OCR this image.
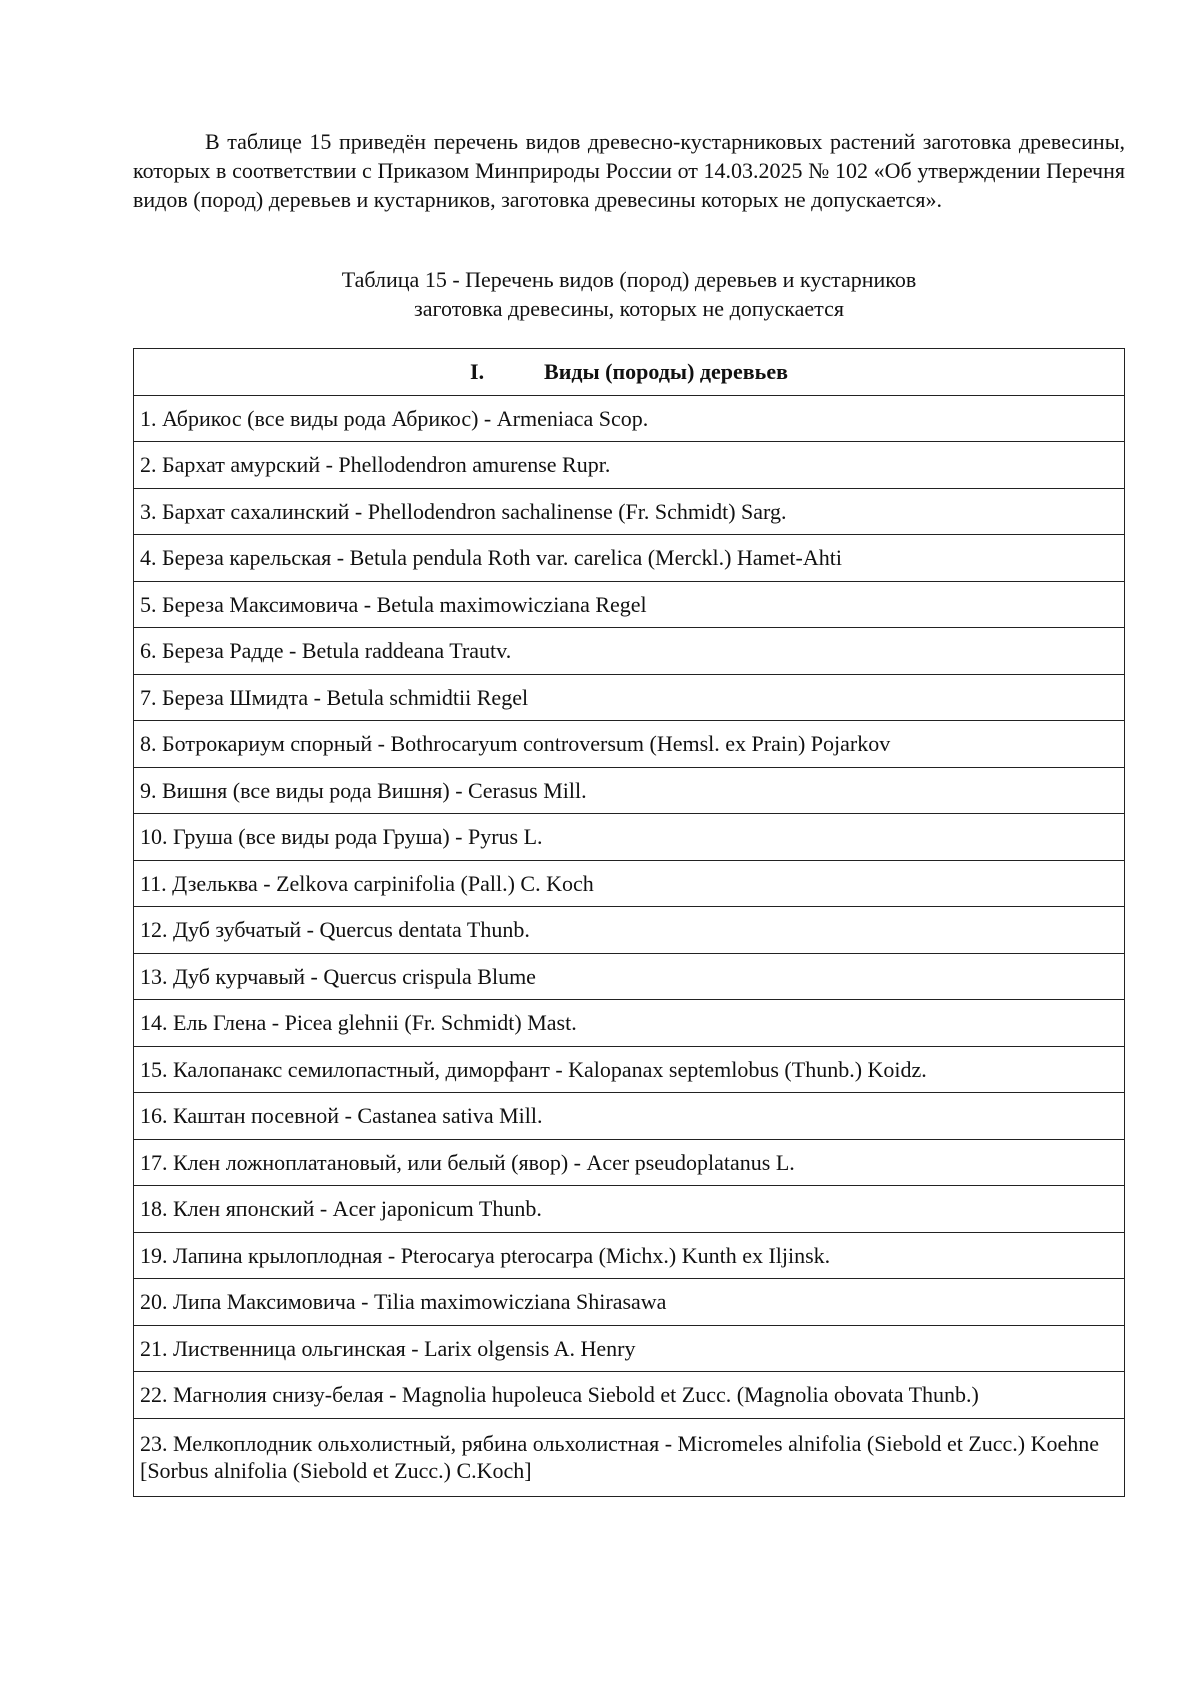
В таблице 15 приведён перечень видов древесно-кустарниковых растений заготовка древесины, которых в соответствии с Приказом Минприроды России от 14.03.2025 № 102 «Об утверждении Перечня видов (пород) деревьев и кустарников, заготовка древесины которых не допускается».

Таблица 15 - Перечень видов (пород) деревьев и кустарников
заготовка древесины, которых не допускается
I.	Виды (породы) деревьев
1. Абрикос (все виды рода Абрикос) - Armeniaca Scop.
2. Бархат амурский - Phellodendron amurense Rupr.
3. Бархат сахалинский - Phellodendron sachalinense (Fr. Schmidt) Sarg.
4. Береза карельская - Betula pendula Roth var. carelica (Merckl.) Hamet-Ahti
5. Береза Максимовича - Betula maximowicziana Regel
6. Береза Радде - Betula raddeana Trautv.
7. Береза Шмидта - Betula schmidtii Regel
8. Ботрокариум спорный - Bothrocaryum controversum (Hemsl. ex Prain) Pojarkov
9. Вишня (все виды рода Вишня) - Cerasus Mill.
10. Груша (все виды рода Груша) - Pyrus L.
11. Дзельква - Zelkova carpinifolia (Pall.) C. Koch
12. Дуб зубчатый - Quercus dentata Thunb.
13. Дуб курчавый - Quercus crispula Blume
14. Ель Глена - Picea glehnii (Fr. Schmidt) Mast.
15. Калопанакс семилопастный, диморфант - Kalopanax septemlobus (Thunb.) Koidz.
16. Каштан посевной - Castanea sativa Mill.
17. Клен ложноплатановый, или белый (явор) - Acer pseudoplatanus L.
18. Клен японский - Acer japonicum Thunb.
19. Лапина крылоплодная - Pterocarya pterocarpa (Michx.) Kunth ex Iljinsk.
20. Липа Максимовича - Tilia maximowicziana Shirasawa
21. Лиственница ольгинская - Larix olgensis A. Henry
22. Магнолия снизу-белая - Magnolia hupoleuca Siebold et Zucc. (Magnolia obovata Thunb.)
23. Мелкоплодник ольхолистный, рябина ольхолистная - Micromeles alnifolia (Siebold et Zucc.) Koehne [Sorbus alnifolia (Siebold et Zucc.) C.Koch]
